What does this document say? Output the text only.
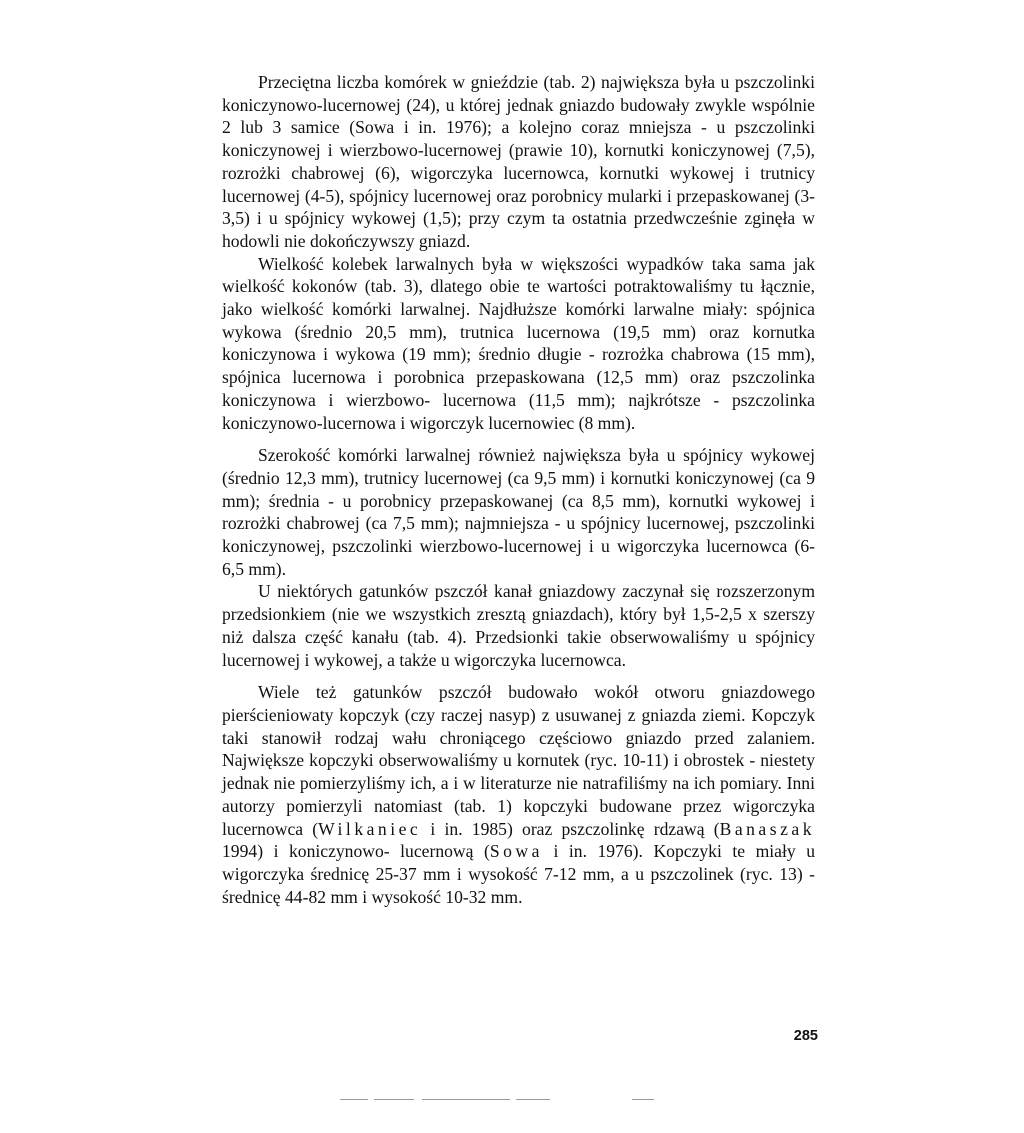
Przeciętna liczba komórek w gnieździe (tab. 2) największa była u pszczolinki koniczynowo-lucernowej (24), u której jednak gniazdo budowały zwykle wspólnie 2 lub 3 samice (Sowa i in. 1976); a kolejno coraz mniejsza - u pszczolinki koniczynowej i wierzbowo-lucernowej (prawie 10), kornutki koniczynowej (7,5), rozrożki chabrowej (6), wigorczyka lucernowca, kornutki wykowej i trutnicy lucernowej (4-5), spójnicy lucernowej oraz porobnicy mularki i przepaskowanej (3-3,5) i u spójnicy wykowej (1,5); przy czym ta ostatnia przedwcześnie zginęła w hodowli nie dokończywszy gniazd.

Wielkość kolebek larwalnych była w większości wypadków taka sama jak wielkość kokonów (tab. 3), dlatego obie te wartości potraktowaliśmy tu łącznie, jako wielkość komórki larwalnej. Najdłuższe komórki larwalne miały: spójnica wykowa (średnio 20,5 mm), trutnica lucernowa (19,5 mm) oraz kornutka koniczynowa i wykowa (19 mm); średnio długie - rozrożka chabrowa (15 mm), spójnica lucernowa i porobnica przepaskowana (12,5 mm) oraz pszczolinka koniczynowa i wierzbowo- lucernowa (11,5 mm); najkrótsze - pszczolinka koniczynowo-lucernowa i wigorczyk lucernowiec (8 mm).

Szerokość komórki larwalnej również największa była u spójnicy wykowej (średnio 12,3 mm), trutnicy lucernowej (ca 9,5 mm) i kornutki koniczynowej (ca 9 mm); średnia - u porobnicy przepaskowanej (ca 8,5 mm), kornutki wykowej i rozrożki chabrowej (ca 7,5 mm); najmniejsza - u spójnicy lucernowej, pszczolinki koniczynowej, pszczolinki wierzbowo-lucernowej i u wigorczyka lucernowca (6-6,5 mm).

U niektórych gatunków pszczół kanał gniazdowy zaczynał się rozszerzonym przedsionkiem (nie we wszystkich zresztą gniazdach), który był 1,5-2,5 x szerszy niż dalsza część kanału (tab. 4). Przedsionki takie obserwowaliśmy u spójnicy lucernowej i wykowej, a także u wigorczyka lucernowca.

Wiele też gatunków pszczół budowało wokół otworu gniazdowego pierścieniowaty kopczyk (czy raczej nasyp) z usuwanej z gniazda ziemi. Kopczyk taki stanowił rodzaj wału chroniącego częściowo gniazdo przed zalaniem. Największe kopczyki obserwowaliśmy u kornutek (ryc. 10-11) i obrostek - niestety jednak nie pomierzyliśmy ich, a i w literaturze nie natrafiliśmy na ich pomiary. Inni autorzy pomierzyli natomiast (tab. 1) kopczyki budowane przez wigorczyka lucernowca (Wilkaniec i in. 1985) oraz pszczolinkę rdzawą (Banaszak 1994) i koniczynowo- lucernową (Sowa i in. 1976). Kopczyki te miały u wigorczyka średnicę 25-37 mm i wysokość 7-12 mm, a u pszczolinek (ryc. 13) - średnicę 44-82 mm i wysokość 10-32 mm.

285
